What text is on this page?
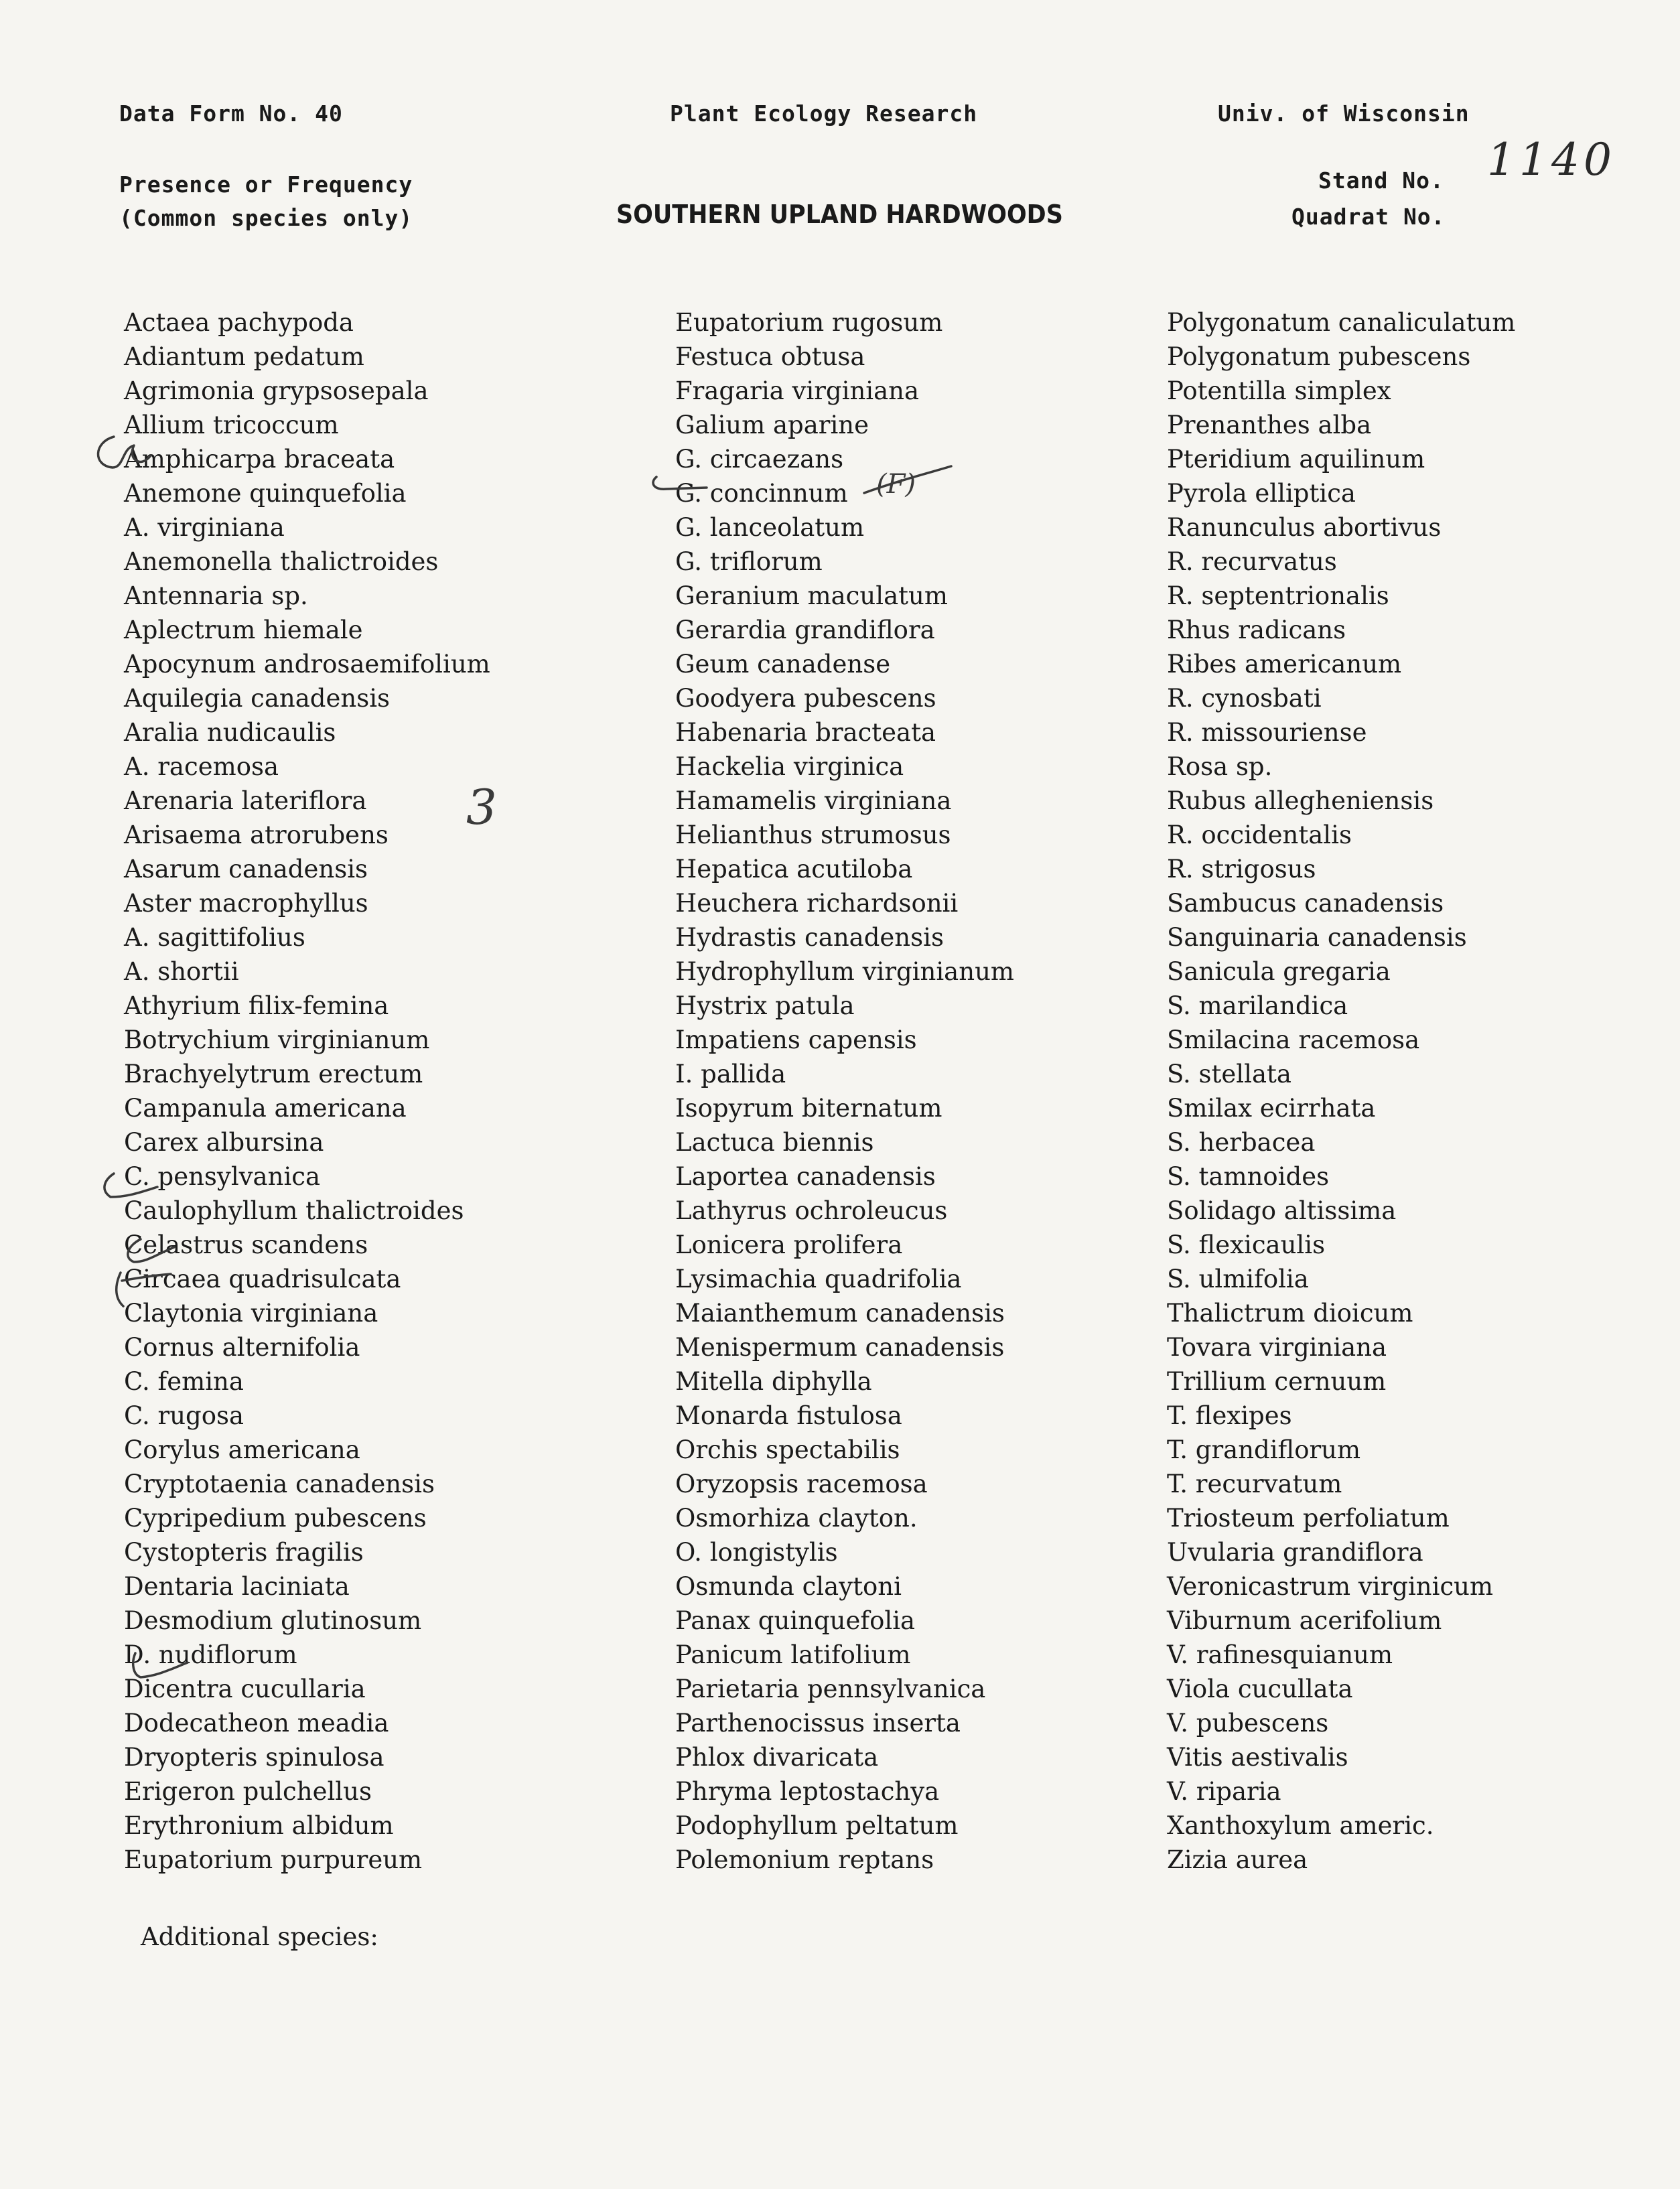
Data Form No. 40	Plant Ecology Research	Univ. of Wisconsin
Presence or Frequency
(Common species only)	SOUTHERN UPLAND HARDWOODS
Stand No.
Quadrat No.
1140
Actaea pachypoda
Adiantum pedatum
Agrimonia grypsosepala
Allium tricoccum
Amphicarpa braceata
Anemone quinquefolia
A. virginiana
Anemonella thalictroides
Antennaria sp.
Aplectrum hiemale
Apocynum androsaemifolium
Aquilegia canadensis
Aralia nudicaulis
A. racemosa
Arenaria lateriflora
Arisaema atrorubens
Asarum canadensis
Aster macrophyllus
A. sagittifolius
A. shortii
Athyrium filix-femina
Botrychium virginianum
Brachyelytrum erectum
Campanula americana
Carex albursina
C. pensylvanica
Caulophyllum thalictroides
Celastrus scandens
Circaea quadrisulcata
Claytonia virginiana
Cornus alternifolia
C. femina
C. rugosa
Corylus americana
Cryptotaenia canadensis
Cypripedium pubescens
Cystopteris fragilis
Dentaria laciniata
Desmodium glutinosum
D. nudiflorum
Dicentra cucullaria
Dodecatheon meadia
Dryopteris spinulosa
Erigeron pulchellus
Erythronium albidum
Eupatorium purpureum
Eupatorium rugosum
Festuca obtusa
Fragaria virginiana
Galium aparine
G. circaezans
G. concinnum
G. lanceolatum
G. triflorum
Geranium maculatum
Gerardia grandiflora
Geum canadense
Goodyera pubescens
Habenaria bracteata
Hackelia virginica
Hamamelis virginiana
Helianthus strumosus
Hepatica acutiloba
Heuchera richardsonii
Hydrastis canadensis
Hydrophyllum virginianum
Hystrix patula
Impatiens capensis
I. pallida
Isopyrum biternatum
Lactuca biennis
Laportea canadensis
Lathyrus ochroleucus
Lonicera prolifera
Lysimachia quadrifolia
Maianthemum canadensis
Menispermum canadensis
Mitella diphylla
Monarda fistulosa
Orchis spectabilis
Oryzopsis racemosa
Osmorhiza clayton.
O. longistylis
Osmunda claytoni
Panax quinquefolia
Panicum latifolium
Parietaria pennsylvanica
Parthenocissus inserta
Phlox divaricata
Phryma leptostachya
Podophyllum peltatum
Polemonium reptans
Polygonatum canaliculatum
Polygonatum pubescens
Potentilla simplex
Prenanthes alba
Pteridium aquilinum
Pyrola elliptica
Ranunculus abortivus
R. recurvatus
R. septentrionalis
Rhus radicans
Ribes americanum
R. cynosbati
R. missouriense
Rosa sp.
Rubus allegheniensis
R. occidentalis
R. strigosus
Sambucus canadensis
Sanguinaria canadensis
Sanicula gregaria
S. marilandica
Smilacina racemosa
S. stellata
Smilax ecirrhata
S. herbacea
S. tamnoides
Solidago altissima
S. flexicaulis
S. ulmifolia
Thalictrum dioicum
Tovara virginiana
Trillium cernuum
T. flexipes
T. grandiflorum
T. recurvatum
Triosteum perfoliatum
Uvularia grandiflora
Veronicastrum virginicum
Viburnum acerifolium
V. rafinesquianum
Viola cucullata
V. pubescens
Vitis aestivalis
V. riparia
Xanthoxylum americ.
Zizia aurea
Additional species:
(F)
3
